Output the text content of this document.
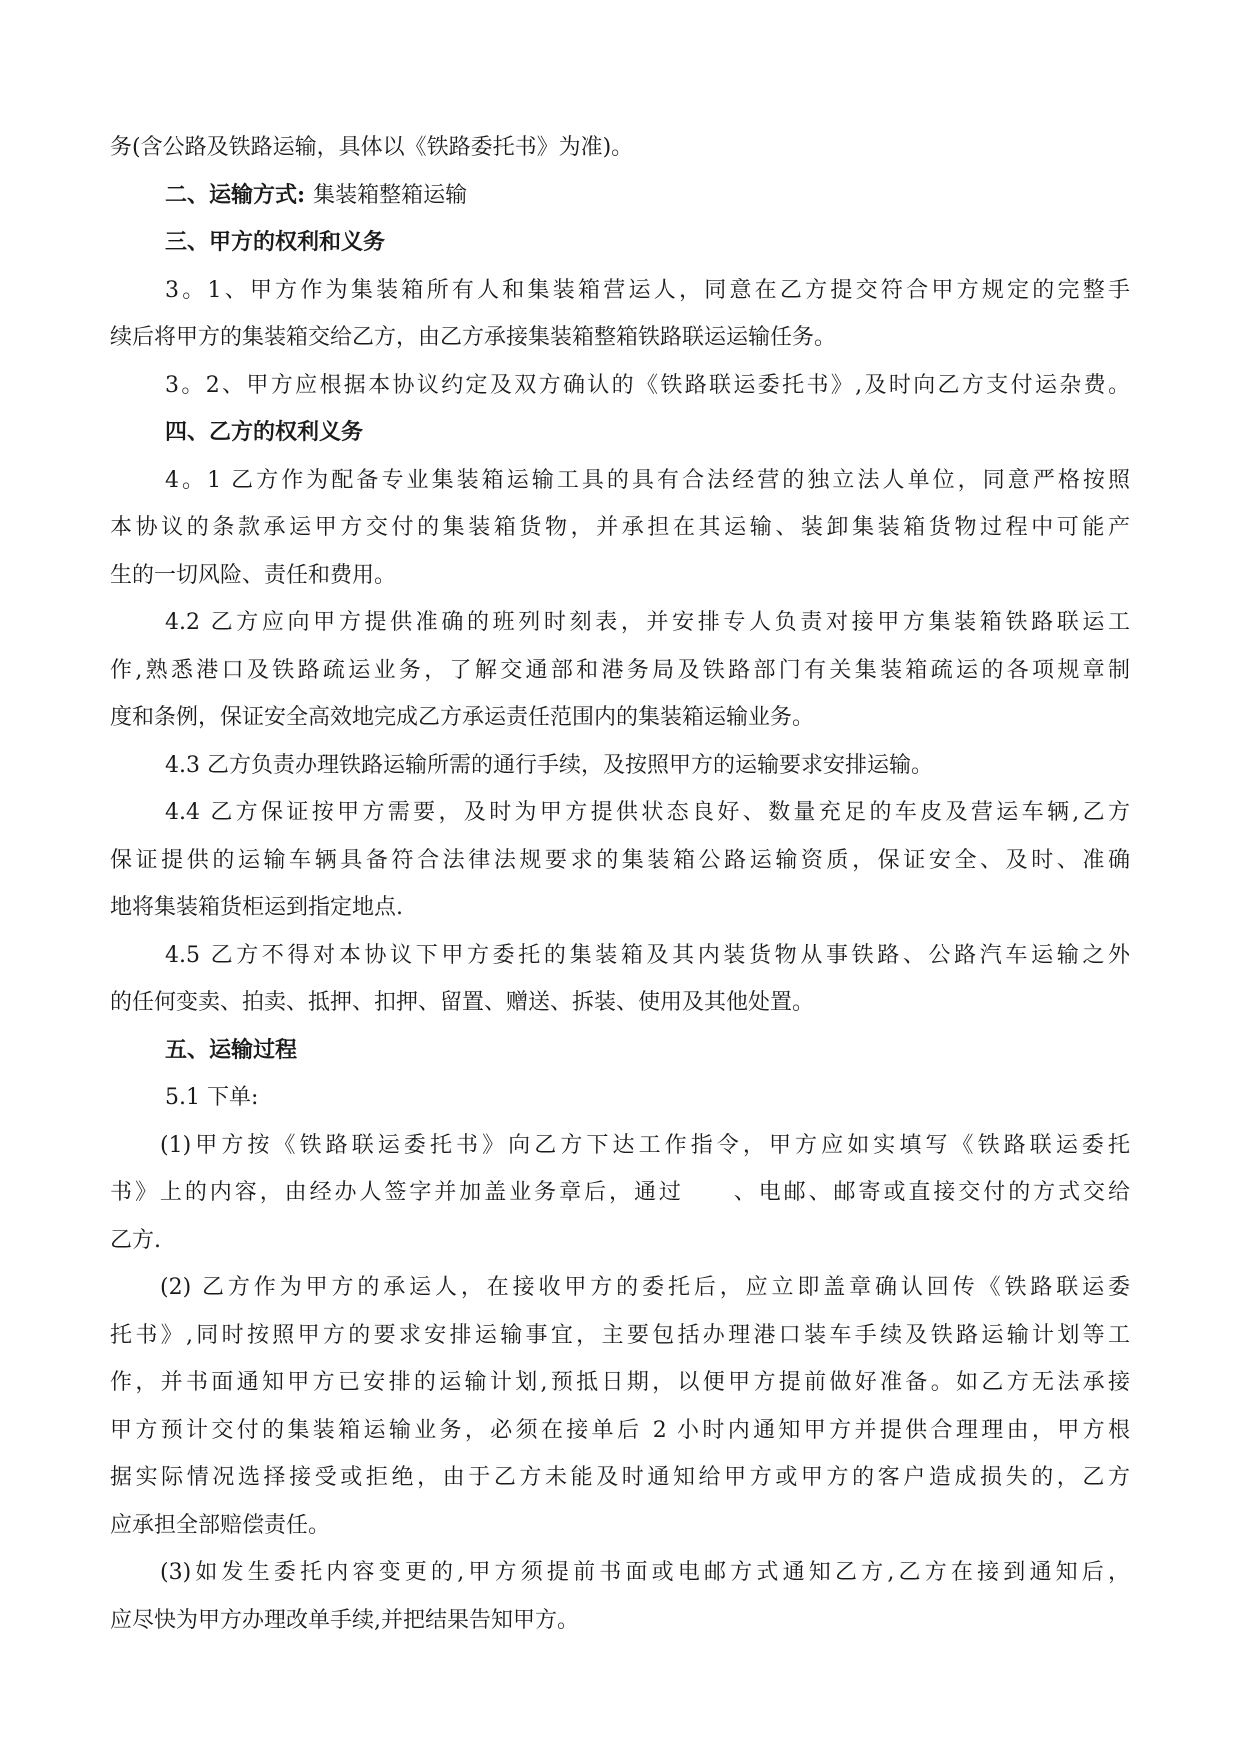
务(含公路及铁路运输，具体以《铁路委托书》为准)。
二、运输方式: 集装箱整箱运输
三、甲方的权利和义务
3。1、甲方作为集装箱所有人和集装箱营运人，同意在乙方提交符合甲方规定的完整手
续后将甲方的集装箱交给乙方，由乙方承接集装箱整箱铁路联运运输任务。
3。2、甲方应根据本协议约定及双方确认的《铁路联运委托书》,及时向乙方支付运杂费。
四、乙方的权利义务
4。1 乙方作为配备专业集装箱运输工具的具有合法经营的独立法人单位，同意严格按照
本协议的条款承运甲方交付的集装箱货物，并承担在其运输、装卸集装箱货物过程中可能产
生的一切风险、责任和费用。
4.2 乙方应向甲方提供准确的班列时刻表，并安排专人负责对接甲方集装箱铁路联运工
作,熟悉港口及铁路疏运业务，了解交通部和港务局及铁路部门有关集装箱疏运的各项规章制
度和条例，保证安全高效地完成乙方承运责任范围内的集装箱运输业务。
4.3 乙方负责办理铁路运输所需的通行手续，及按照甲方的运输要求安排运输。
4.4 乙方保证按甲方需要，及时为甲方提供状态良好、数量充足的车皮及营运车辆,乙方
保证提供的运输车辆具备符合法律法规要求的集装箱公路运输资质，保证安全、及时、准确
地将集装箱货柜运到指定地点.
4.5 乙方不得对本协议下甲方委托的集装箱及其内装货物从事铁路、公路汽车运输之外
的任何变卖、拍卖、抵押、扣押、留置、赠送、拆装、使用及其他处置。
五、运输过程
5.1 下单:
(1)甲方按《铁路联运委托书》向乙方下达工作指令，甲方应如实填写《铁路联运委托
书》上的内容，由经办人签字并加盖业务章后，通过　　、电邮、邮寄或直接交付的方式交给
乙方.
(2) 乙方作为甲方的承运人，在接收甲方的委托后，应立即盖章确认回传《铁路联运委
托书》,同时按照甲方的要求安排运输事宜，主要包括办理港口装车手续及铁路运输计划等工
作，并书面通知甲方已安排的运输计划,预抵日期，以便甲方提前做好准备。如乙方无法承接
甲方预计交付的集装箱运输业务，必须在接单后 2 小时内通知甲方并提供合理理由，甲方根
据实际情况选择接受或拒绝，由于乙方未能及时通知给甲方或甲方的客户造成损失的，乙方
应承担全部赔偿责任。
(3)如发生委托内容变更的,甲方须提前书面或电邮方式通知乙方,乙方在接到通知后，
应尽快为甲方办理改单手续,并把结果告知甲方。
